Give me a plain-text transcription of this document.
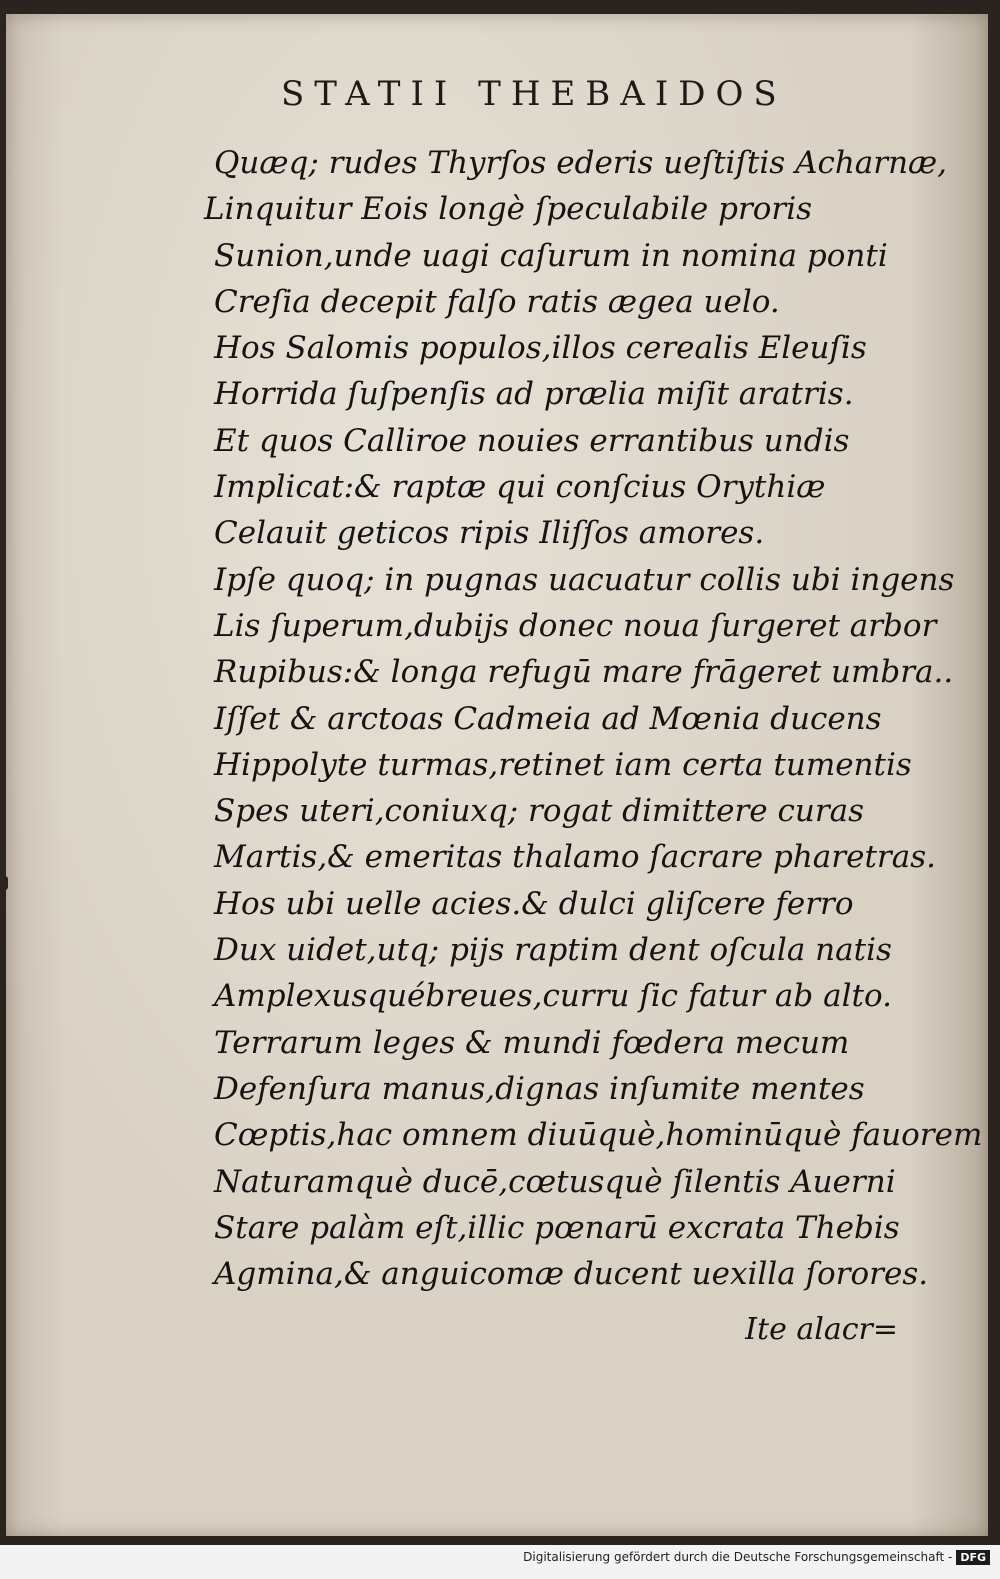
STATII THEBAIDOS
Quæq; rudes Thyrſos ederis ueſtiſtis Acharnæ,
Linquitur Eois longè ſpeculabile proris
Sunion,unde uagi caſurum in nomina ponti
Creſia decepit falſo ratis ægea uelo.
Hos Salomis populos,illos cerealis Eleuſis
Horrida ſuſpenſis ad prælia miſit aratris.
Et quos Calliroe nouies errantibus undis
Implicat:& raptæ qui conſcius Orythiæ
Celauit geticos ripis Iliſſos amores.
Ipſe quoq; in pugnas uacuatur collis ubi ingens
Lis ſuperum,dubijs donec noua ſurgeret arbor
Rupibus:& longa refugū mare frāgeret umbra..
Iſſet & arctoas Cadmeia ad Mœnia ducens
Hippolyte turmas,retinet iam certa tumentis
Spes uteri,coniuxq; rogat dimittere curas
Martis,& emeritas thalamo ſacrare pharetras.
Hos ubi uelle acies.& dulci gliſcere ferro
Dux uidet,utq; pijs raptim dent oſcula natis
Amplexusquébreues,curru ſic fatur ab alto.
Terrarum leges & mundi fœdera mecum
Defenſura manus,dignas inſumite mentes
Cœptis,hac omnem diuūquè,hominūquè fauorem
Naturamquè ducē,cœtusquè ſilentis Auerni
Stare palàm eſt,illic pœnarū excrata Thebis
Agmina,& anguicomæ ducent uexilla ſorores.
Ite alacr=
Digitalisierung gefördert durch die Deutsche Forschungsgemeinschaft - DFG
